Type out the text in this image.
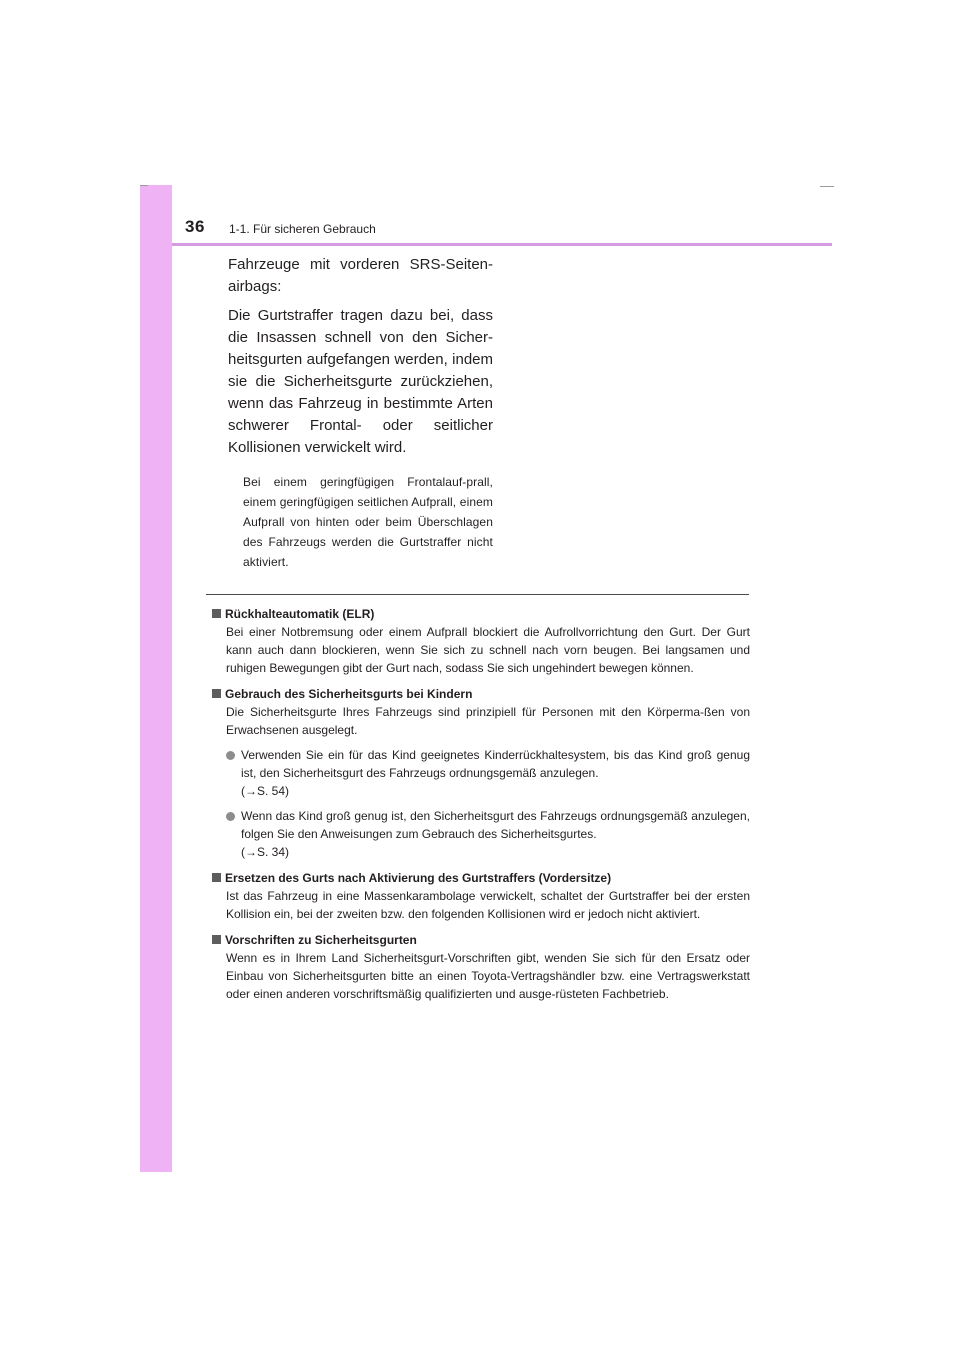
36 1-1. Für sicheren Gebrauch

Fahrzeuge mit vorderen SRS-Seiten-airbags:

Die Gurtstraffer tragen dazu bei, dass die Insassen schnell von den Sicher-heitsgurten aufgefangen werden, indem sie die Sicherheitsgurte zurückziehen, wenn das Fahrzeug in bestimmte Arten schwerer Frontal- oder seitlicher Kollisionen verwickelt wird.

Bei einem geringfügigen Frontalauf-prall, einem geringfügigen seitlichen Aufprall, einem Aufprall von hinten oder beim Überschlagen des Fahrzeugs werden die Gurtstraffer nicht aktiviert.
Rückhalteautomatik (ELR)
Bei einer Notbremsung oder einem Aufprall blockiert die Aufrollvorrichtung den Gurt. Der Gurt kann auch dann blockieren, wenn Sie sich zu schnell nach vorn beugen. Bei langsamen und ruhigen Bewegungen gibt der Gurt nach, sodass Sie sich ungehindert bewegen können.
Gebrauch des Sicherheitsgurts bei Kindern
Die Sicherheitsgurte Ihres Fahrzeugs sind prinzipiell für Personen mit den Körperma-ßen von Erwachsenen ausgelegt.
Verwenden Sie ein für das Kind geeignetes Kinderrückhaltesystem, bis das Kind groß genug ist, den Sicherheitsgurt des Fahrzeugs ordnungsgemäß anzulegen.
(→S. 54)
Wenn das Kind groß genug ist, den Sicherheitsgurt des Fahrzeugs ordnungsgemäß anzulegen, folgen Sie den Anweisungen zum Gebrauch des Sicherheitsgurtes.
(→S. 34)
Ersetzen des Gurts nach Aktivierung des Gurtstraffers (Vordersitze)
Ist das Fahrzeug in eine Massenkarambolage verwickelt, schaltet der Gurtstraffer bei der ersten Kollision ein, bei der zweiten bzw. den folgenden Kollisionen wird er jedoch nicht aktiviert.
Vorschriften zu Sicherheitsgurten
Wenn es in Ihrem Land Sicherheitsgurt-Vorschriften gibt, wenden Sie sich für den Ersatz oder Einbau von Sicherheitsgurten bitte an einen Toyota-Vertragshändler bzw. eine Vertragswerkstatt oder einen anderen vorschriftsmäßig qualifizierten und ausge-rüsteten Fachbetrieb.
